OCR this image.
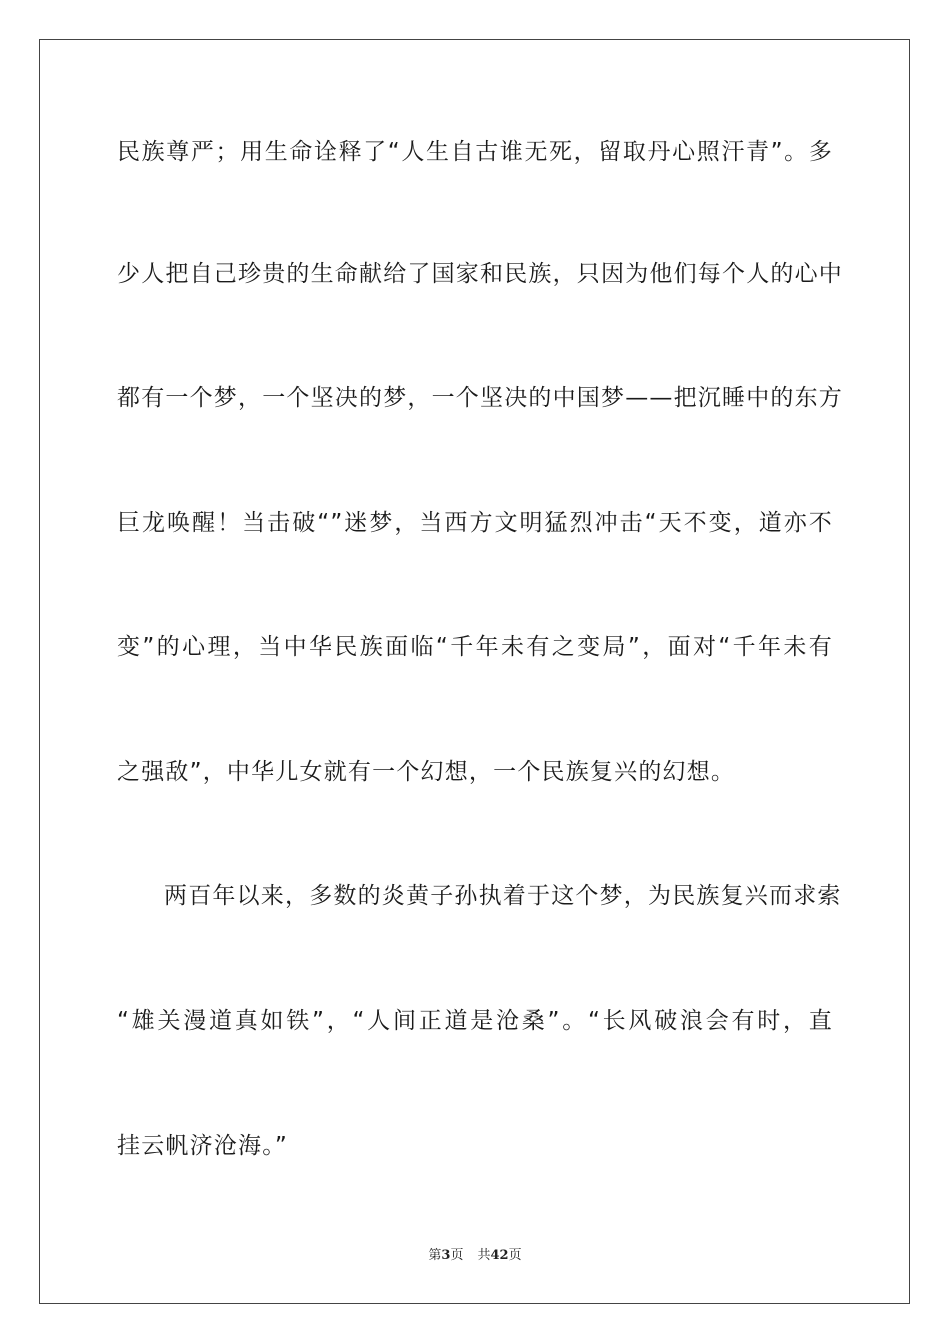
民族尊严；用生命诠释了“人生自古谁无死，留取丹心照汗青”。多
少人把自己珍贵的生命献给了国家和民族，只因为他们每个人的心中
都有一个梦，一个坚决的梦，一个坚决的中国梦——把沉睡中的东方
巨龙唤醒！当击破“”迷梦，当西方文明猛烈冲击“天不变，道亦不
变”的心理，当中华民族面临“千年未有之变局”，面对“千年未有
之强敌”，中华儿女就有一个幻想，一个民族复兴的幻想。
两百年以来，多数的炎黄子孙执着于这个梦，为民族复兴而求索
“雄关漫道真如铁”，“人间正道是沧桑”。“长风破浪会有时，直
挂云帆济沧海。”
第3页 共42页
